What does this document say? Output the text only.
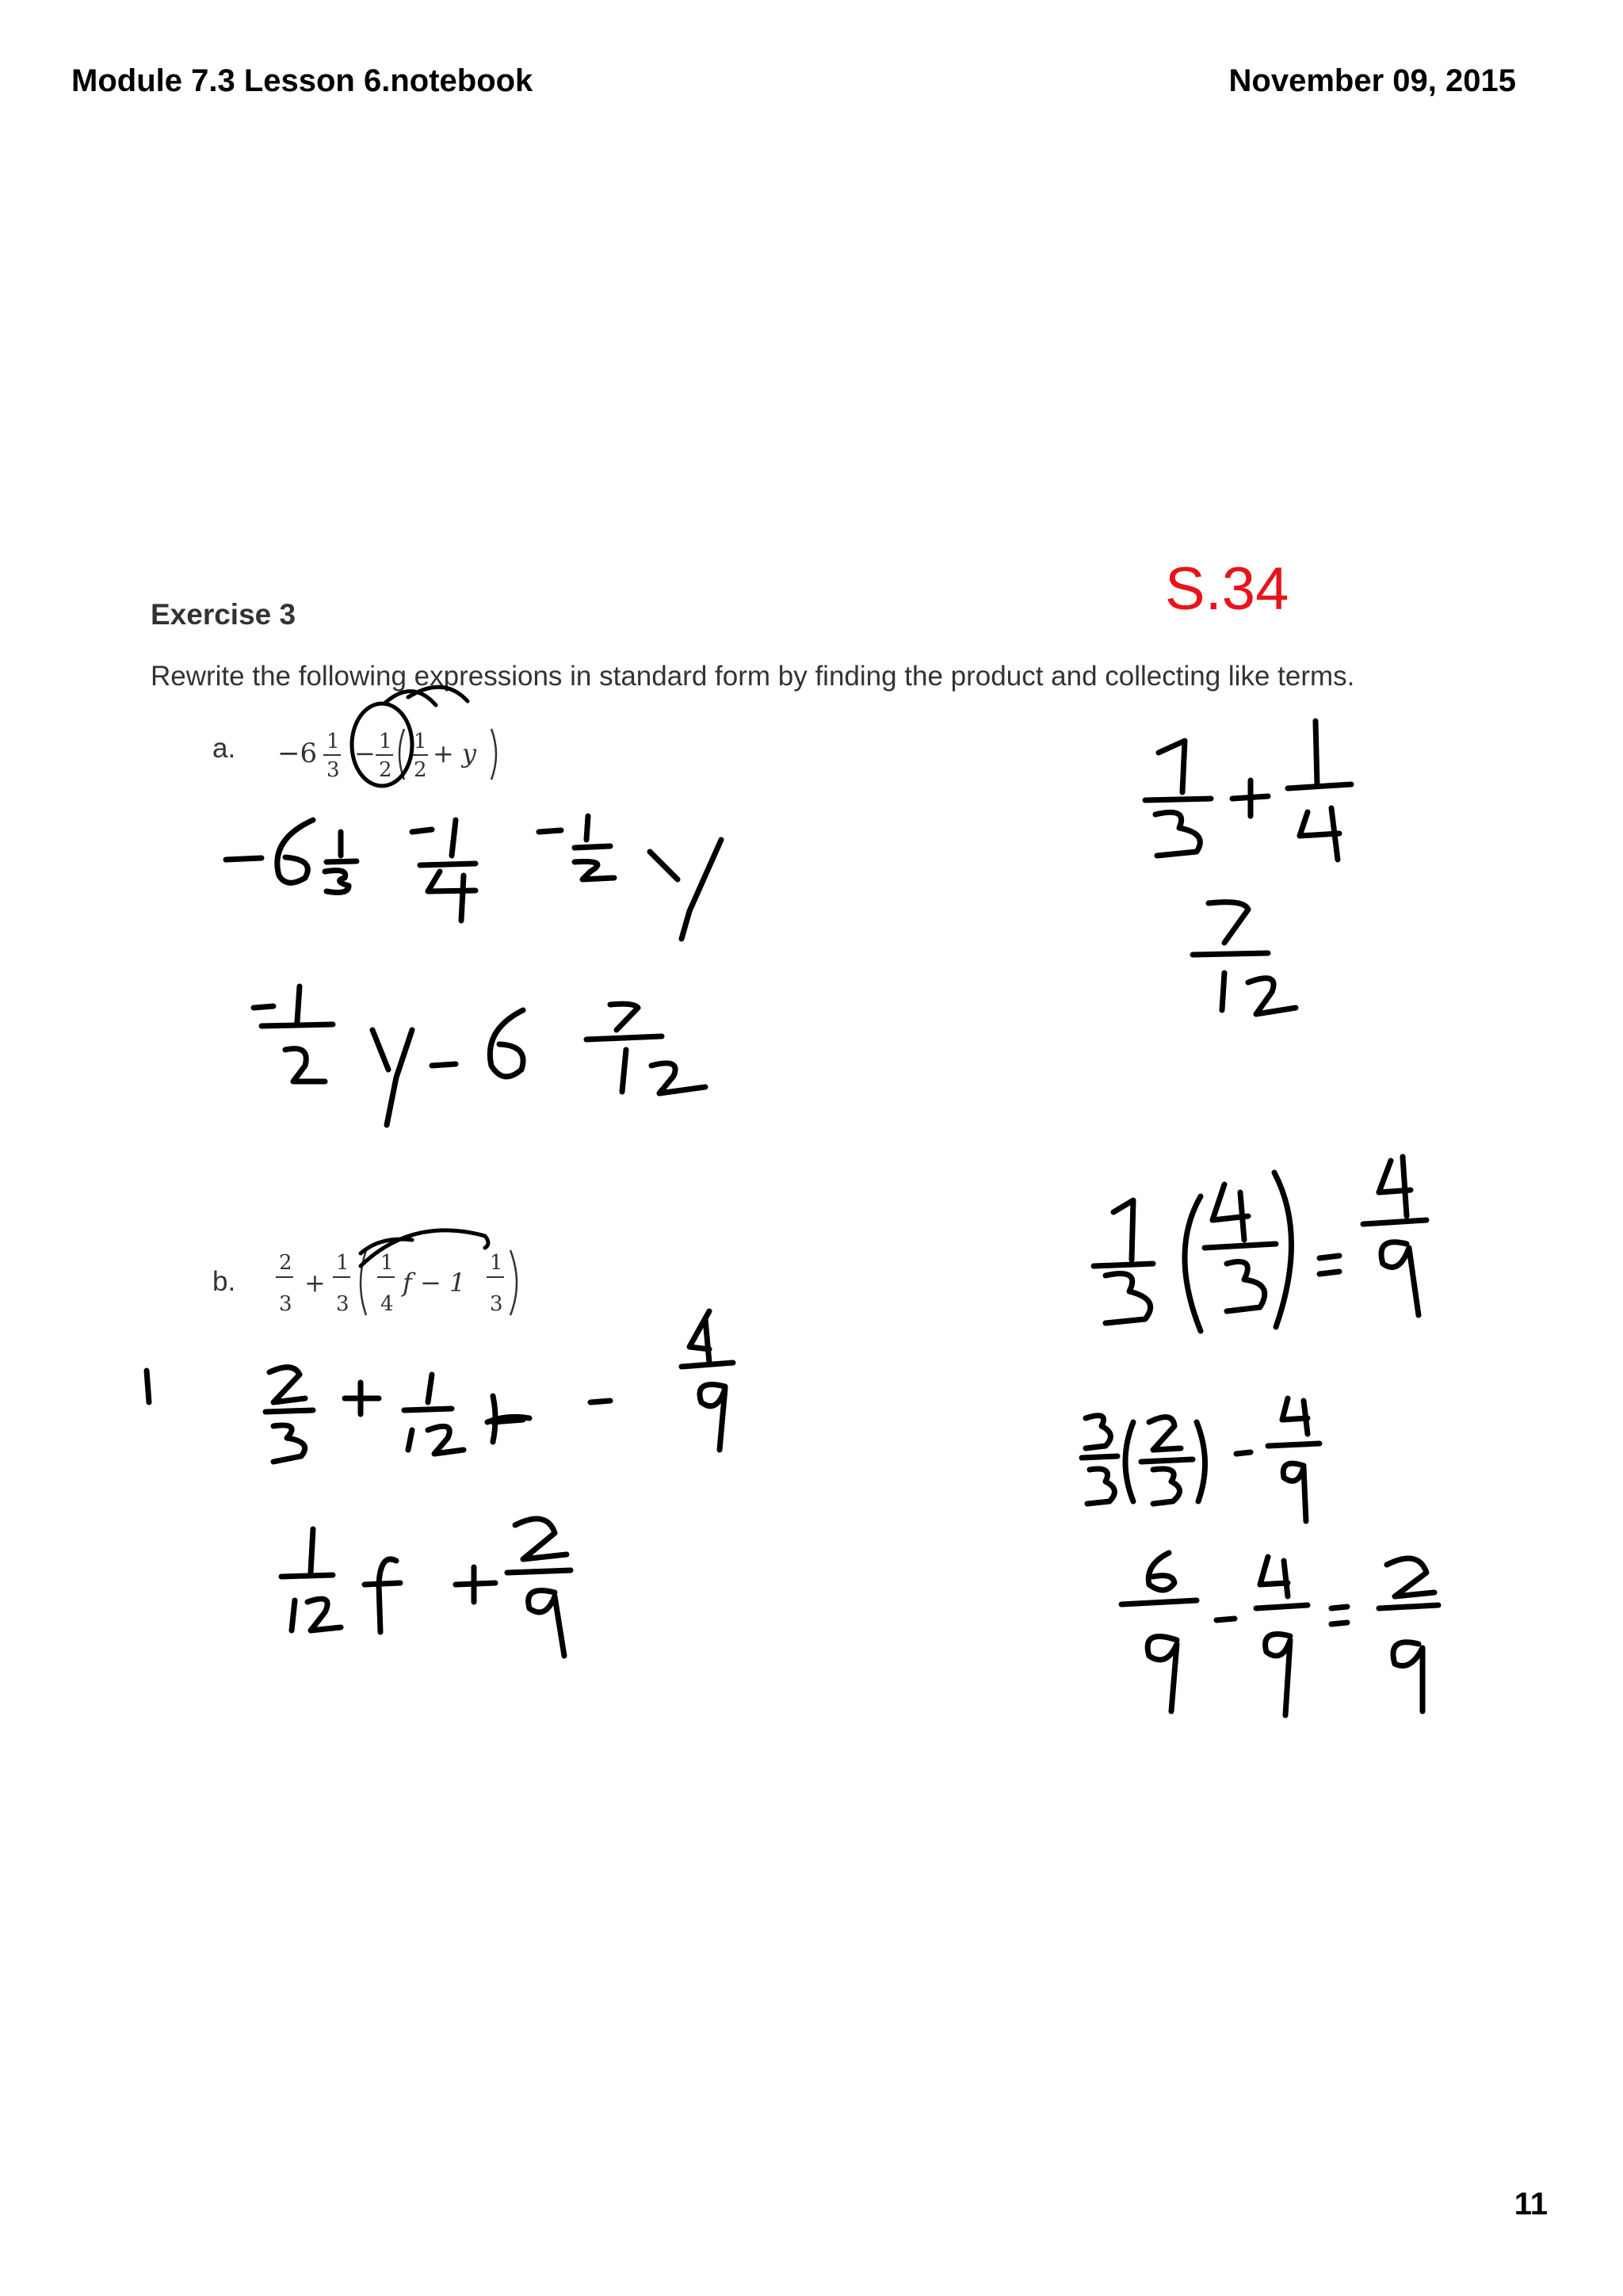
Module 7.3 Lesson 6.notebook	November 09, 2015
S.34
Exercise 3
Rewrite the following expressions in standard form by finding the product and collecting like terms.
a.
b.
−6 1
3
− 1
2
1
2
+ y
2
3
+
1
3
1
4
f − 1
1
3
11
